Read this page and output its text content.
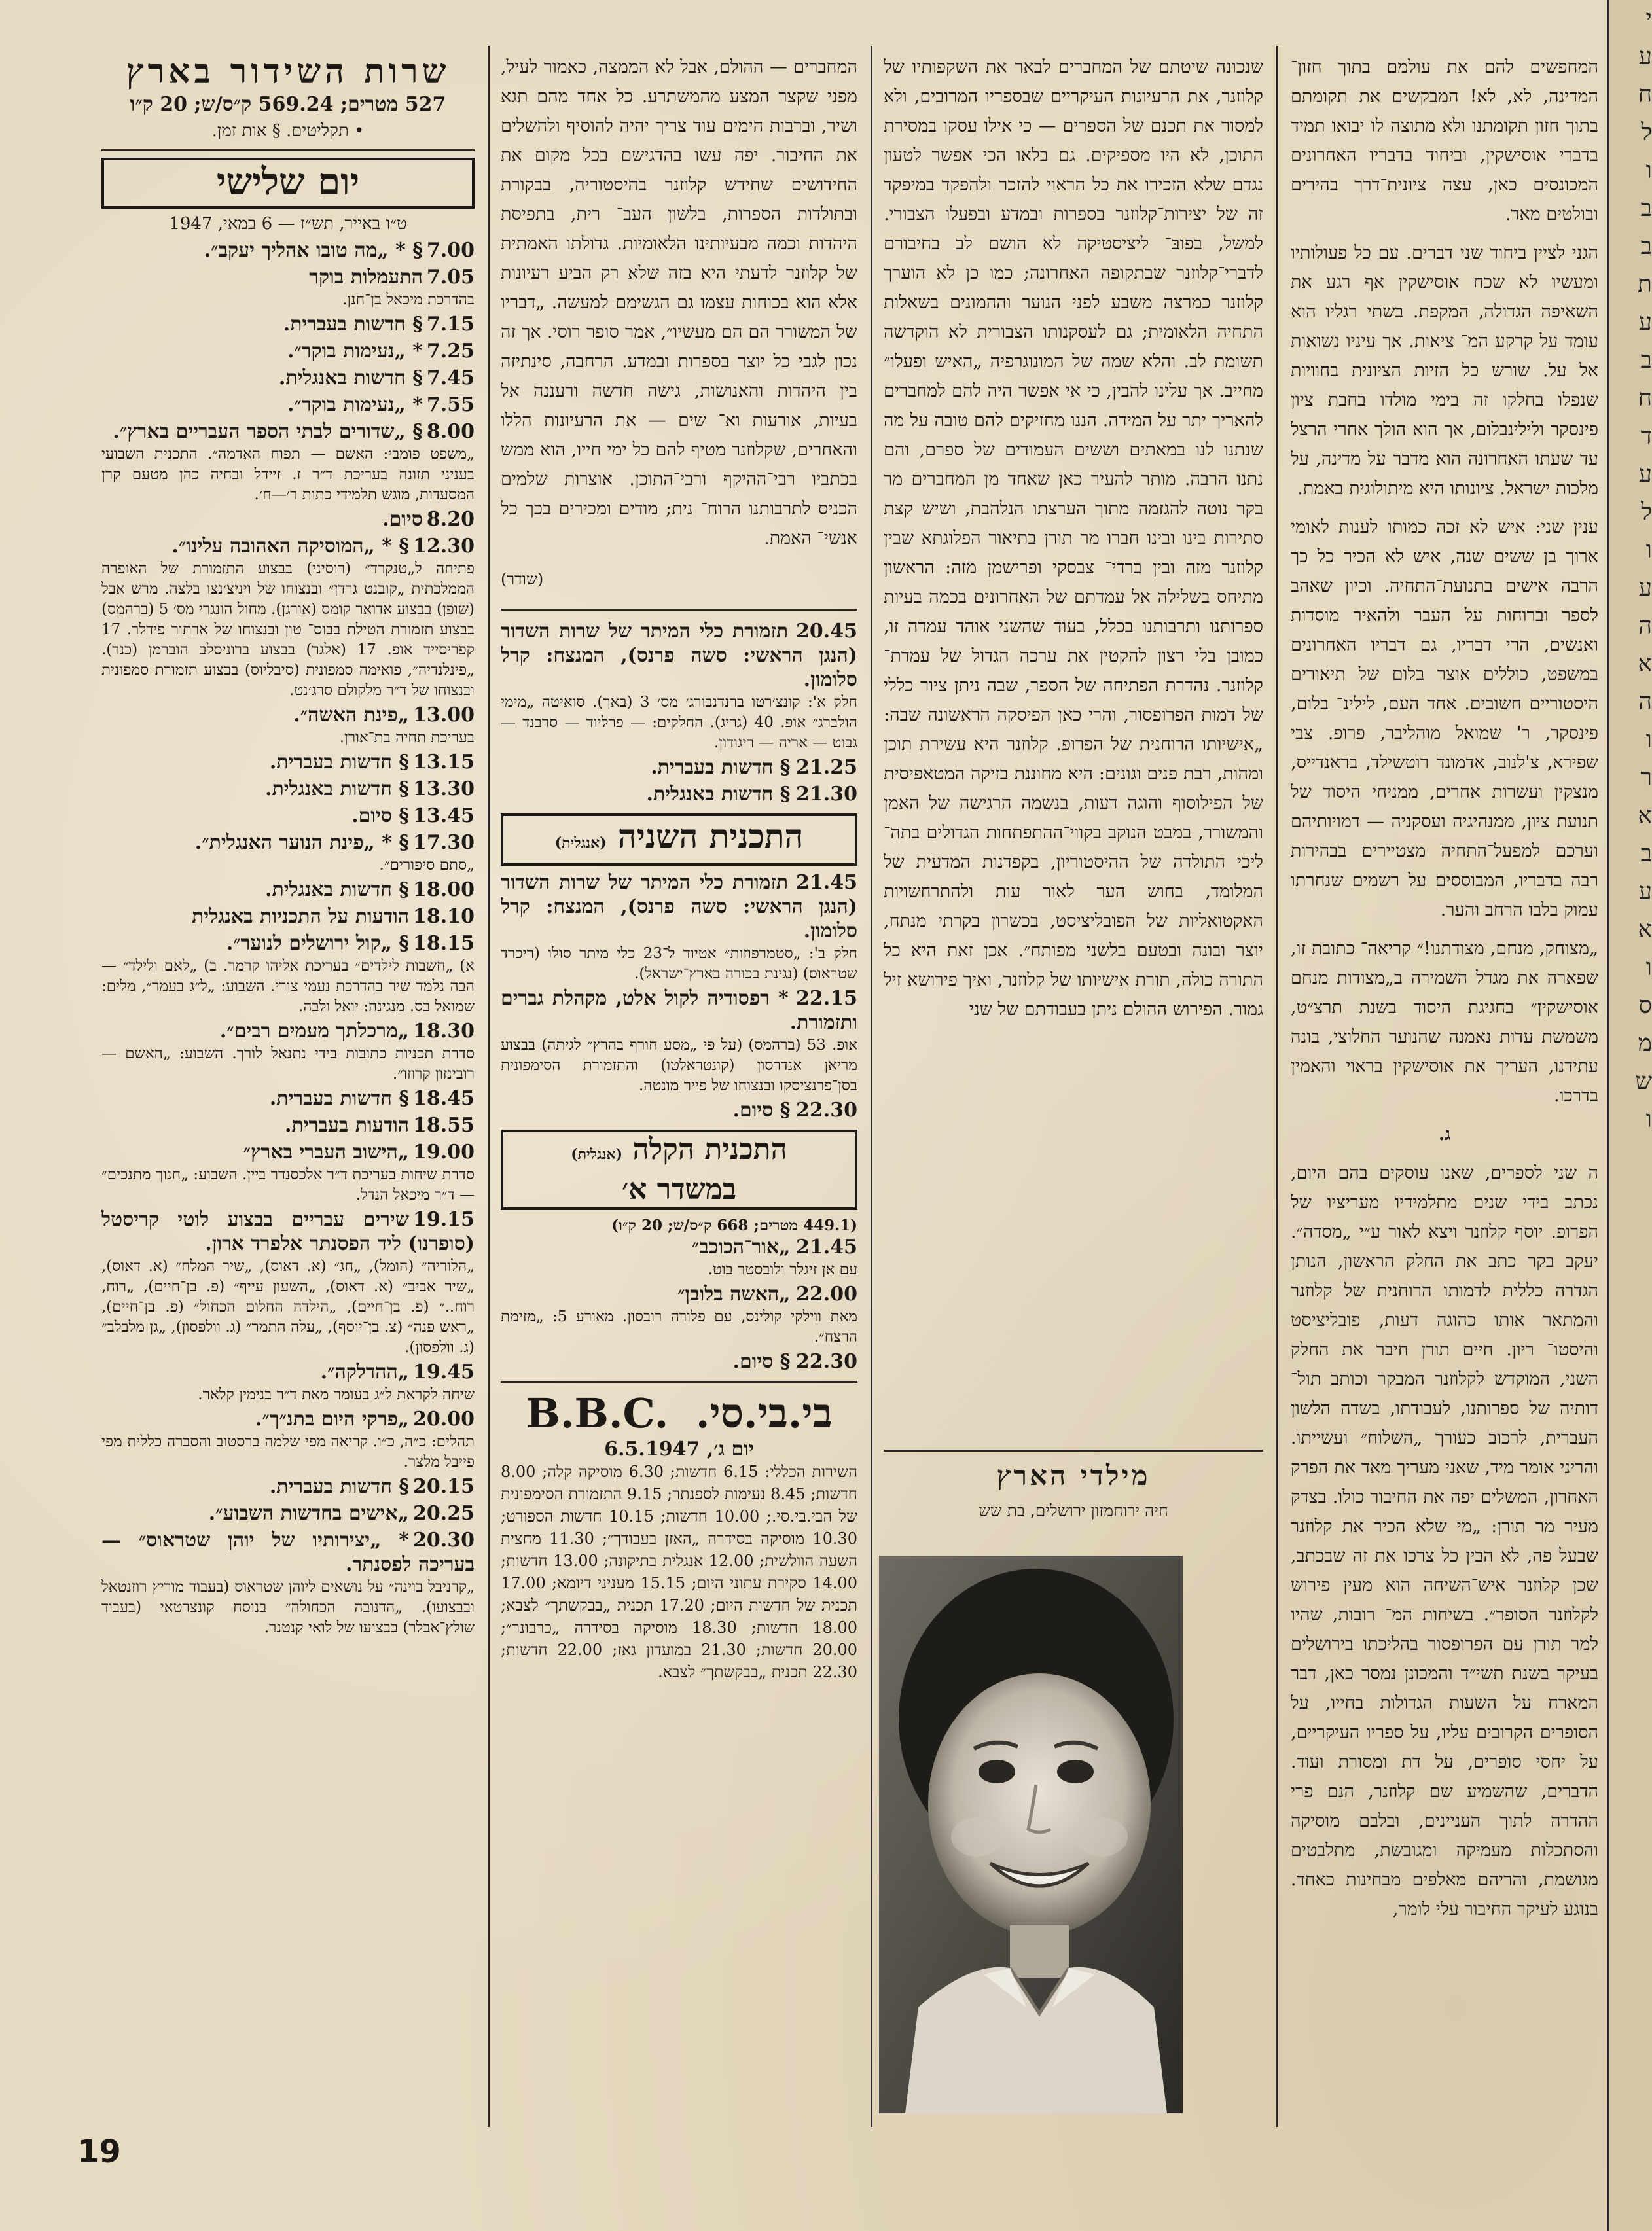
המחפשים להם את עולמם בתוך חזון־ המדינה, לא, לא! המבקשים את תקומתם בתוך חזון תקומתנו ולא מתוצה לו יבואו תמיד בדברי אוסישקין, וביחוד בדבריו האחרונים המכונסים כאן, עצה ציונית־דרך בהירים ובולטים מאד.

הגני לציין ביחוד שני דברים. עם כל פעולותיו ומעשיו לא שכח אוסישקין אף רגע את השאיפה הגדולה, המקפת. בשתי רגליו הוא עומד על קרקע המ־ ציאות. אך עיניו נשואות אל על. שורש כל הזיות הציונית בחוויות שנפלו בחלקו זה בימי מולדו בחבת ציון פינסקר ולילינבלום, אך הוא הולך אחרי הרצל עד שעתו האחרונה הוא מדבר על מדינה, על מלכות ישראל. ציונותו היא מיתולוגית באמת.

ענין שני: איש לא זכה כמותו לענות לאומי ארוך בן ששים שנה, איש לא הכיר כל כך הרבה אישים בתנועת־התחיה. וכיון שאהב לספר וברוחות על העבר ולהאיר מוסדות ואנשים, הרי דבריו, גם דבריו האחרונים במשפט, כוללים אוצר בלום של תיאורים היסטוריים חשובים. אחד העם, לילינ־ בלום, פינסקר, ר' שמואל מוהליבר, פרופ. צבי שפירא, צ'לנוב, אדמונד רוטשילד, בראנדייס, מנצקין ועשרות אחרים, ממניחי היסוד של תנועת ציון, ממנהיגיה ועסקניה — דמויותיהם וערכם למפעל־התחיה מצטיירים בבהירות רבה בדבריו, המבוססים על רשמים שנחרתו עמוק בלבו הרחב והער.

„מצוחק, מנחם, מצודתנו!״ קריאה־ כתובת זו, שפארה את מגדל השמירה ב„מצודות מנחם אוסישקין״ בחגיגת היסוד בשנת תרצ״ט, משמשת עדות נאמנה שהנוער החלוצי, בונה עתידנו, העריך את אוסישקין בראוי והאמין בדרכו.

ג.

ה שני לספרים, שאנו עוסקים בהם היום, נכתב בידי שנים מתלמידיו מעריציו של הפרופ. יוסף קלוזנר ויצא לאור ע״י „מסדה״. יעקב בקר כתב את החלק הראשון, הנותן הגדרה כללית לדמותו הרוחנית של קלוזנר והמתאר אותו כהוגה דעות, פובליציסט והיסטו־ ריון. חיים תורן חיבר את החלק השני, המוקדש לקלוזנר המבקר וכותב תול־ דותיה של ספרותנו, לעבודתו, בשדה הלשון העברית, לרכוב כעורך „השלוח״ ועשייתו. והריני אומר מיד, שאני מעריך מאד את הפרק האחרון, המשלים יפה את החיבור כולו. בצדק מעיר מר תורן: „מי שלא הכיר את קלוזנר שבעל פה, לא הבין כל צרכו את זה שבכתב, שכן קלוזנר איש־השיחה הוא מעין פירוש לקלוזנר הסופר״. בשיחות המ־ רובות, שהיו למר תורן עם הפרופסור בהליכתו בירושלים בעיקר בשנת תשי״ד והמכונן נמסר כאן, דבר המארח על השעות הגדולות בחייו, על הסופרים הקרובים עליו, על ספריו העיקריים, על יחסי סופרים, על דת ומסורת ועוד. הדברים, שהשמיע שם קלוזנר, הנם פרי ההדרה לתוך העניינים, ובלבם מוסיקה והסתכלות מעמיקה ומגובשת, מתלבטים מגושמת, והריהם מאלפים מבחינות כאחד. בנוגע לעיקר החיבור עלי לומר,

שנכונה שיטתם של המחברים לבאר את השקפותיו של קלוזנר, את הרעיונות העיקריים שבספריו המרובים, ולא למסור את תכנם של הספרים — כי אילו עסקו במסירת התוכן, לא היו מספיקים. גם בלאו הכי אפשר לטעון נגדם שלא הזכירו את כל הראוי להזכר ולהפקד במיפקד זה של יצירות־קלוזנר בספרות ובמדע ובפעלו הצבורי. למשל, בפובּ־ ליציסטיקה לא הושם לב בחיבורם לדברי־קלוזנר שבתקופה האחרונה; כמו כן לא הוערך קלוזנר כמרצה משבע לפני הנוער וההמונים בשאלות התחיה הלאומית; גם לעסקנותו הצבורית לא הוקדשה תשומת לב. והלא שמה של המונוגרפיה „האיש ופעלו״ מחייב. אך עלינו להבין, כי אי אפשר היה להם למחברים להאריך יתר על המידה. הננו מחזיקים להם טובה על מה שנתנו לנו במאתים וששים העמודים של ספרם, והם נתנו הרבה. מותר להעיר כאן שאחד מן המחברים מר בקר נוטה להגזמה מתוך הערצתו הנלהבת, ושיש קצת סתירות בינו ובינו חברו מר תורן בתיאור הפלוגתא שבין קלוזנר מזה ובין ברדי־ צבסקי ופרישמן מזה: הראשון מתיחס בשלילה אל עמדתם של האחרונים בכמה בעיות ספרותנו ותרבותנו בכלל, בעוד שהשני אוהד עמדה זו, כמובן בלי רצון להקטין את ערכה הגדול של עמדת־ קלוזנר. נהדרת הפתיחה של הספר, שבה ניתן ציור כללי של דמות הפרופסור, והרי כאן הפיסקה הראשונה שבה: „אישיותו הרוחנית של הפרופ. קלוזנר היא עשירת תוכן ומהות, רבת פנים וגונים: היא מחוננת בזיקה המטאפיסית של הפילוסוף והוגה דעות, בנשמה הרגישה של האמן והמשורר, במבט הנוקב בקווי־ההתפתחות הגדולים בתה־ ליכי התולדה של ההיסטוריון, בקפדנות המדעית של המלומד, בחוש הער לאור עות ולהתרחשויות האקטואליות של הפובליציסט, בכשרון בקרתי מנתח, יוצר ובונה ובטעם בלשני מפותח״. אכן זאת היא כל התורה כולה, תורת אישיותו של קלוזנר, ואיך פירושא זיל גמור. הפירוש ההולם ניתן בעבודתם של שני

מילדי הארץ
חיה ירוחמזון ירושלים, בת שש

המחברים — ההולם, אבל לא הממצה, כאמור לעיל, מפני שקצר המצע מהמשתרע. כל אחד מהם תגא ושיר, וברבות הימים עוד צריך יהיה להוסיף ולהשלים את החיבור. יפה עשו בהדגישם בכל מקום את החידושים שחידש קלוזנר בהיסטוריה, בבקורת ובתולדות הספרות, בלשון העב־ רית, בתפיסת היהדות וכמה מבעיותינו הלאומיות. גדולתו האמתית של קלוזנר לדעתי היא בזה שלא רק הביע רעיונות אלא הוא בכוחות עצמו גם הגשימם למעשה. „דבריו של המשורר הם הם מעשיו״, אמר סופר רוסי. אך זה נכון לגבי כל יוצר בספרות ובמדע. הרחבה, סינתיזה בין היהדות והאנושות, גישה חדשה ורעננה אל בעיות, אורעות וא־ שים — את הרעיונות הללו והאחרים, שקלוזנר מטיף להם כל ימי חייו, הוא ממש בכתביו רבי־ההיקף ורבי־התוכן. אוצרות שלמים הכניס לתרבותנו הרוח־ נית; מודים ומכירים בכך כל אנשי־ האמת.

(שודר)
20.45 תזמורת כלי המיתר של שרות השדור (הנגן הראשי: סשה פרנס), המנצח: קרל סלומון.
חלק א': קונצ׳רטו ברנדנבורג׳ מס׳ 3 (באך). סואיטה „מימי הולברג״ אופ. 40 (גריג). החלקים: — פרליוד — סרבנד — גבוט — אריה — ריגודון.
21.25 § חדשות בעברית.
21.30 § חדשות באנגלית.
התכנית השניה (אנגלית)
21.45 תזמורת כלי המיתר של שרות השדור (הנגן הראשי: סשה פרנס), המנצח: קרל סלומון.
חלק ב': „סטמרפוזות״ אטיוד ל־23 כלי מיתר סולו (ריכרד שטראוס) (נגינת בכורה בארץ־ישראל).
22.15 * רפסודיה לקול אלט, מקהלת גברים ותזמורת.
אופ. 53 (ברהמס) (על פי „מסע חורף בהרץ״ לגיתה) בבצוע מריאן אנדרסון (קונטראלטו) והתזמורת הסימפונית בסן־פרנציסקו ובנצוחו של פייר מונטה.
22.30 § סיום.
התכנית הקלה (אנגלית)
במשדר א׳
(449.1 מטרים; 668 ק״ס/ש; 20 ק״ו)
21.45 „אור־הכוכב״
עם אן זיגלר ולובסטר בוט.
22.00 „האשה בלובן״
מאת ווילקי קולינס, עם פלורה רובסון. מאורע 5: „מזימת הרצח״.
22.30 § סיום.
בי.בי.סי. B.B.C.
יום ג׳, 6.5.1947
השירות הכללי: 6.15 חדשות; 6.30 מוסיקה קלה; 8.00 חדשות; 8.45 נעימות לספנתר; 9.15 התזמורת הסימפונית של הבי.בי.סי.; 10.00 חדשות; 10.15 חדשות הספורט; 10.30 מוסיקה בסידרה „האזן בעבודך״; 11.30 מחצית השעה הוולשית; 12.00 אנגלית בתיקונה; 13.00 חדשות; 14.00 סקירת עתוני היום; 15.15 מעניני דיומא; 17.00 תכנית של חדשות היום; 17.20 תכנית „בבקשתך״ לצבא; 18.00 חדשות; 18.30 מוסיקה בסידרה „כרבונר״; 20.00 חדשות; 21.30 במועדון גאז; 22.00 חדשות; 22.30 תכנית „בבקשתך״ לצבא.
שרות השידור בארץ
527 מטרים; 569.24 ק״ס/ש; 20 ק״ו
• תקליטים. § אות זמן.
יום שלישי
ט״ו באייר, תש״ז — 6 במאי, 1947
7.00§ * „מה טובו אהליך יעקב״.
7.05התעמלות בוקר
בהדרכת מיכאל בן־חנן.
7.15§ חדשות בעברית.
7.25* „נעימות בוקר״.
7.45§ חדשות באנגלית.
7.55* „נעימות בוקר״.
8.00§ „שדורים לבתי הספר העבריים בארץ״.
„משפט פומבי: האשם — תפוח האדמה״. התכנית השבועי בעניני תזונה בעריכת ד״ר ז. זיידל ובחיה כהן מטעם קרן המסעדות, מוגש תלמידי כתות ר׳—ח׳.
8.20סיום.
12.30§ * „המוסיקה האהובה עלינו״.
פתיחה ל„טנקרד״ (רוסיני) בבצוע התזמורת של האופרה הממלכתית „קובנט גרדן״ ובנצוחו של ויניצ׳נצו בלצה. מרש אבל (שופן) בבצוע אדואר קומס (אורגן). מחול הונגרי מס׳ 5 (ברהמס) בבצוע תזמורת הטילת בבוס־ טון ובנצוחו של ארתור פידלר. 17 קפריסייד אופ. 17 (אלגר) בבצוע ברוניסלב הוברמן (כנר). „פינלנדיה״, פואימה סמפונית (סיבליוס) בבצוע תזמורת סמפונית ובנצוחו של ד״ר מלקולם סרג׳נט.
13.00„פינת האשה״.
בעריכת תחיה בת־אורן.
13.15§ חדשות בעברית.
13.30§ חדשות באנגלית.
13.45§ סיום.
17.30§ * „פינת הנוער האנגלית״.
„סתם סיפורים״.
18.00§ חדשות באנגלית.
18.10הודעות על התכניות באנגלית
18.15§ „קול ירושלים לנוער״.
א) „חשבות לילדים״ בעריכת אליהו קרמר. ב) „לאם ולילד״ — הבה נלמד שיר בהדרכת נעמי צורי. השבוע: „ל״ג בעמר״, מלים: שמואל בס. מנגינה: יואל ולבה.
18.30„מרכלתך מעמים רבים״.
סדרת תכניות כתובות בידי נתנאל לורך. השבוע: „האשם — רובינזון קרוזו״.
18.45§ חדשות בעברית.
18.55הודעות בעברית.
19.00„הישוב העברי בארץ״
סדרת שיחות בעריכת ד״ר אלכסנדר ביין. השבוע: „חנוך מתנכים״ — ד״ר מיכאל הנדל.
19.15שירים עבריים בבצוע לוטי קריסטל (סופרנו) ליד הפסנתר אלפרד ארון.
„הלוריה״ (הומל), „חג״ (א. דאוס), „שיר המלח״ (א. דאוס), „שיר אביב״ (א. דאוס), „השעון עייף״ (פ. בן־חיים), „רוח, רוח..״ (פ. בן־חיים), „הילדה החלום הכחול״ (פ. בן־חיים), „ראש פנה״ (צ. בן־יוסף), „עלה התמר״ (ג. וולפסון), „גן מלבלב״ (ג. וולפסון).
19.45„ההדלקה״.
שיחה לקראת ל״ג בעומר מאת ד״ר בנימין קלאר.
20.00„פרקי היום בתנ״ך״.
תהלים: כ״ה, כ״ו. קריאה מפי שלמה ברסטוב והסברה כללית מפי פייבל מלצר.
20.15§ חדשות בעברית.
20.25„אישים בחדשות השבוע״.
20.30* „יצירותיו של יוהן שטראוס״ — בעריכה לפסנתר.
„קרניבל בוינה״ על נושאים ליוהן שטראוס (בעבוד מוריץ רוזנטאל ובבצועו). „הדנובה הכחולה״ בנוסח קונצרטאי (בעבוד שולץ־אבלר) בבצועו של לואי קנטנר.
19
י
ע
ח
ל
ו
ב
ב
ת
ע
ב
ח
ד
ע
ל
ו
ע
ה
א
ה
ו
ר
א
ב
ע
א
ו
ס
מ
ש
ו
